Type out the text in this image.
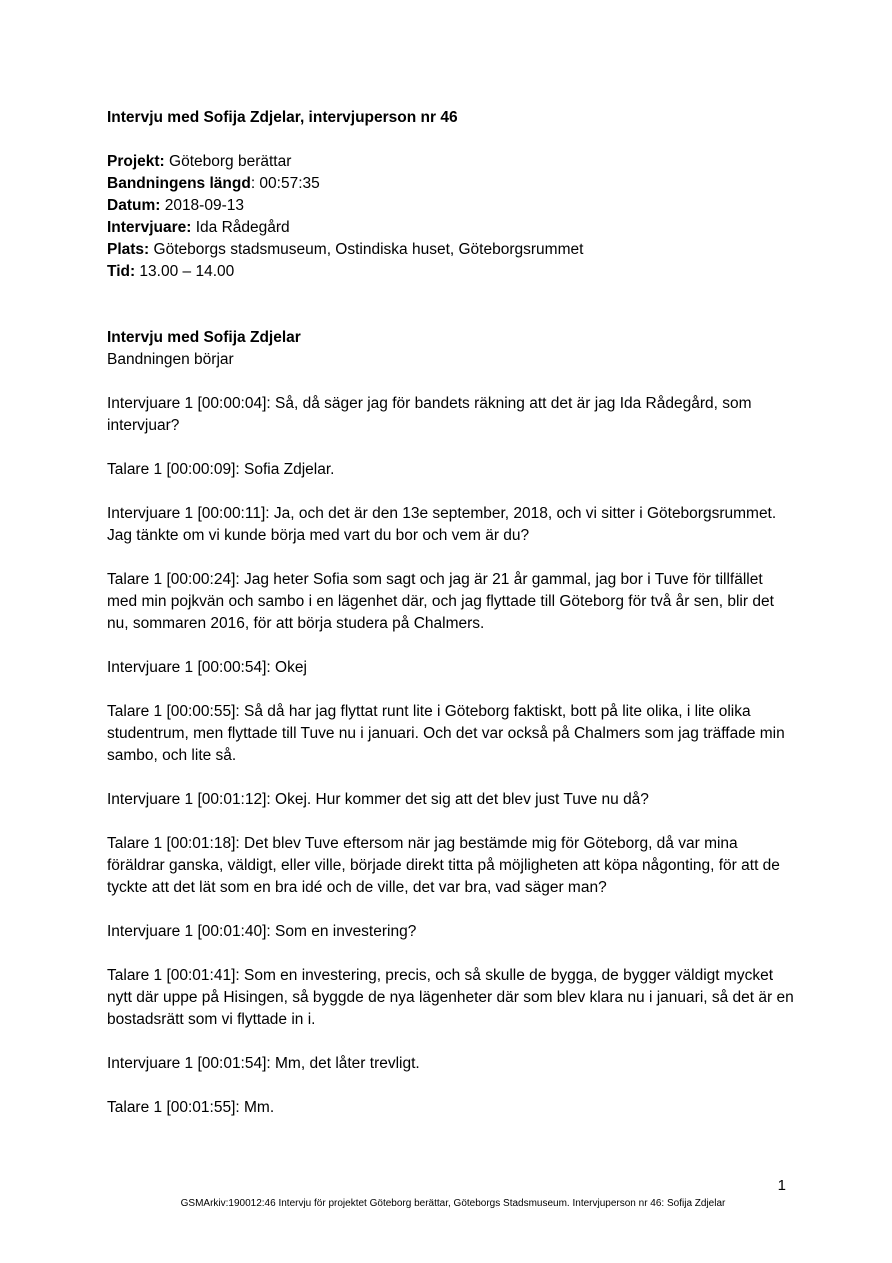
Intervju med Sofija Zdjelar, intervjuperson nr 46

Projekt: Göteborg berättar

Bandningens längd: 00:57:35

Datum: 2018-09-13

Intervjuare: Ida Rådegård

Plats: Göteborgs stadsmuseum, Ostindiska huset, Göteborgsrummet

Tid: 13.00 – 14.00

Intervju med Sofija Zdjelar

Bandningen börjar

Intervjuare 1 [00:00:04]: Så, då säger jag för bandets räkning att det är jag Ida Rådegård, som intervjuar?

Talare 1 [00:00:09]: Sofia Zdjelar.

Intervjuare 1 [00:00:11]: Ja, och det är den 13e september, 2018, och vi sitter i Göteborgsrummet. Jag tänkte om vi kunde börja med vart du bor och vem är du?

Talare 1 [00:00:24]: Jag heter Sofia som sagt och jag är 21 år gammal, jag bor i Tuve för tillfället med min pojkvän och sambo i en lägenhet där, och jag flyttade till Göteborg för två år sen, blir det nu, sommaren 2016, för att börja studera på Chalmers.

Intervjuare 1 [00:00:54]: Okej

Talare 1 [00:00:55]: Så då har jag flyttat runt lite i Göteborg faktiskt, bott på lite olika, i lite olika studentrum, men flyttade till Tuve nu i januari. Och det var också på Chalmers som jag träffade min sambo, och lite så.

Intervjuare 1 [00:01:12]: Okej. Hur kommer det sig att det blev just Tuve nu då?

Talare 1 [00:01:18]: Det blev Tuve eftersom när jag bestämde mig för Göteborg, då var mina föräldrar ganska, väldigt, eller ville, började direkt titta på möjligheten att köpa någonting, för att de tyckte att det lät som en bra idé och de ville, det var bra, vad säger man?

Intervjuare 1 [00:01:40]: Som en investering?

Talare 1 [00:01:41]: Som en investering, precis, och så skulle de bygga, de bygger väldigt mycket nytt där uppe på Hisingen, så byggde de nya lägenheter där som blev klara nu i januari, så det är en bostadsrätt som vi flyttade in i.

Intervjuare 1 [00:01:54]: Mm, det låter trevligt.

Talare 1 [00:01:55]: Mm.

1
GSMArkiv:190012:46 Intervju för projektet Göteborg berättar, Göteborgs Stadsmuseum. Intervjuperson nr 46: Sofija Zdjelar
